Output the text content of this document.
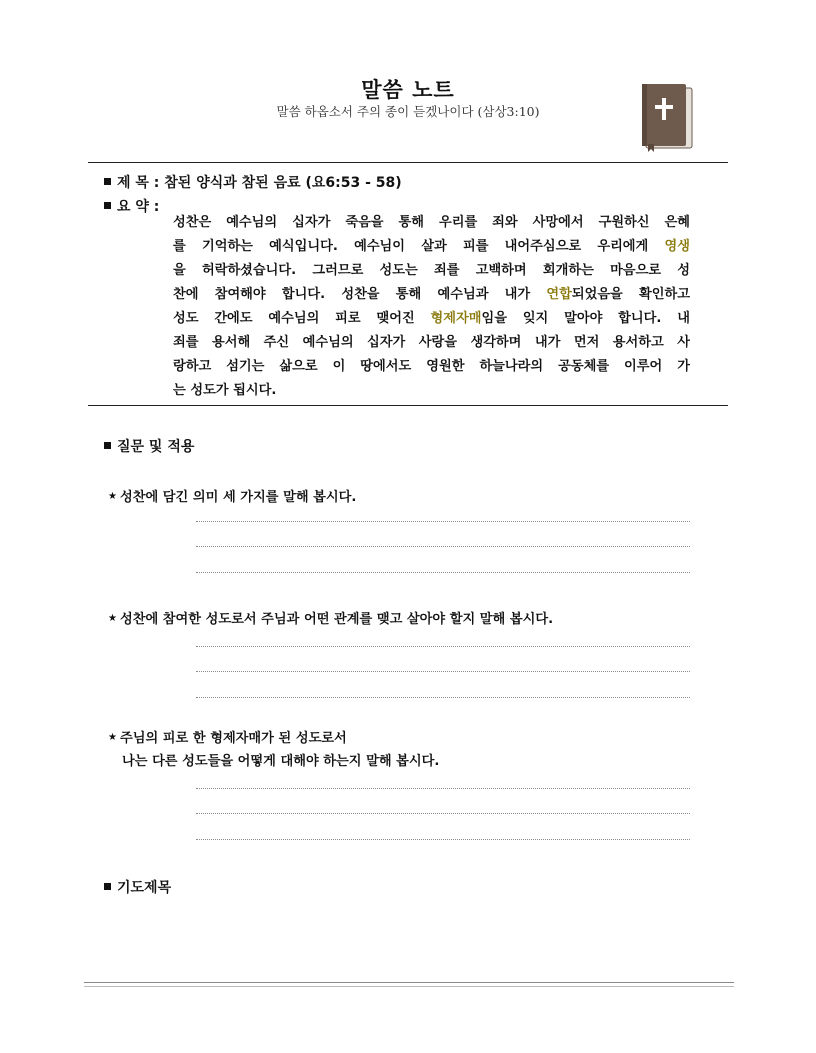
말씀 노트
말씀 하옵소서 주의 종이 듣겠나이다 (삼상3:10)
제 목 : 참된 양식과 참된 음료 (요6:53 - 58)
요 약 :
성찬은 예수님의 십자가 죽음을 통해 우리를 죄와 사망에서 구원하신 은혜
를 기억하는 예식입니다. 예수님이 살과 피를 내어주심으로 우리에게 영생
을 허락하셨습니다. 그러므로 성도는 죄를 고백하며 회개하는 마음으로 성
찬에 참여해야 합니다. 성찬을 통해 예수님과 내가 연합되었음을 확인하고
성도 간에도 예수님의 피로 맺어진 형제자매임을 잊지 말아야 합니다. 내
죄를 용서해 주신 예수님의 십자가 사랑을 생각하며 내가 먼저 용서하고 사
랑하고 섬기는 삶으로 이 땅에서도 영원한 하늘나라의 공동체를 이루어 가
는 성도가 됩시다.
질문 및 적용
★ 성찬에 담긴 의미 세 가지를 말해 봅시다.
★ 성찬에 참여한 성도로서 주님과 어떤 관계를 맺고 살아야 할지 말해 봅시다.
★ 주님의 피로 한 형제자매가 된 성도로서
나는 다른 성도들을 어떻게 대해야 하는지 말해 봅시다.
기도제목
